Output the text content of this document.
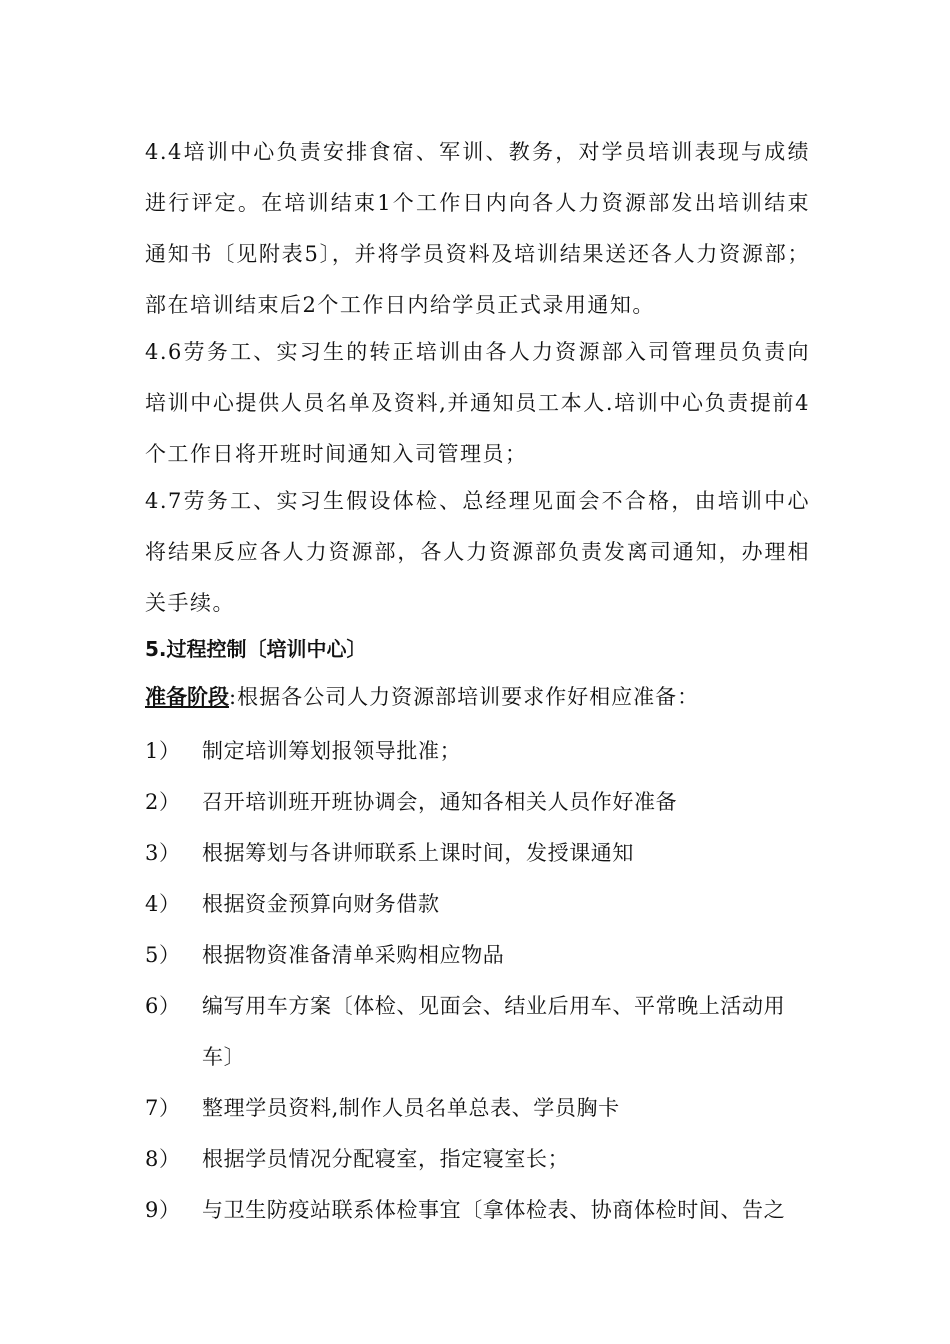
4.4培训中心负责安排食宿、军训、教务，对学员培训表现与成绩进行评定。在培训结束1个工作日内向各人力资源部发出培训结束通知书〔见附表5〕，并将学员资料及培训结果送还各人力资源部；部在培训结束后2个工作日内给学员正式录用通知。

4.6劳务工、实习生的转正培训由各人力资源部入司管理员负责向培训中心提供人员名单及资料,并通知员工本人.培训中心负责提前4个工作日将开班时间通知入司管理员；

4.7劳务工、实习生假设体检、总经理见面会不合格，由培训中心将结果反应各人力资源部，各人力资源部负责发离司通知，办理相关手续。

5.过程控制〔培训中心〕

准备阶段:根据各公司人力资源部培训要求作好相应准备：

1）	制定培训筹划报领导批准；
2）	召开培训班开班协调会，通知各相关人员作好准备
3）	根据筹划与各讲师联系上课时间，发授课通知
4）	根据资金预算向财务借款
5）	根据物资准备清单采购相应物品
6）	编写用车方案〔体检、见面会、结业后用车、平常晚上活动用车〕
7）	整理学员资料,制作人员名单总表、学员胸卡
8）	根据学员情况分配寝室，指定寝室长；
9）	与卫生防疫站联系体检事宜〔拿体检表、协商体检时间、告之
